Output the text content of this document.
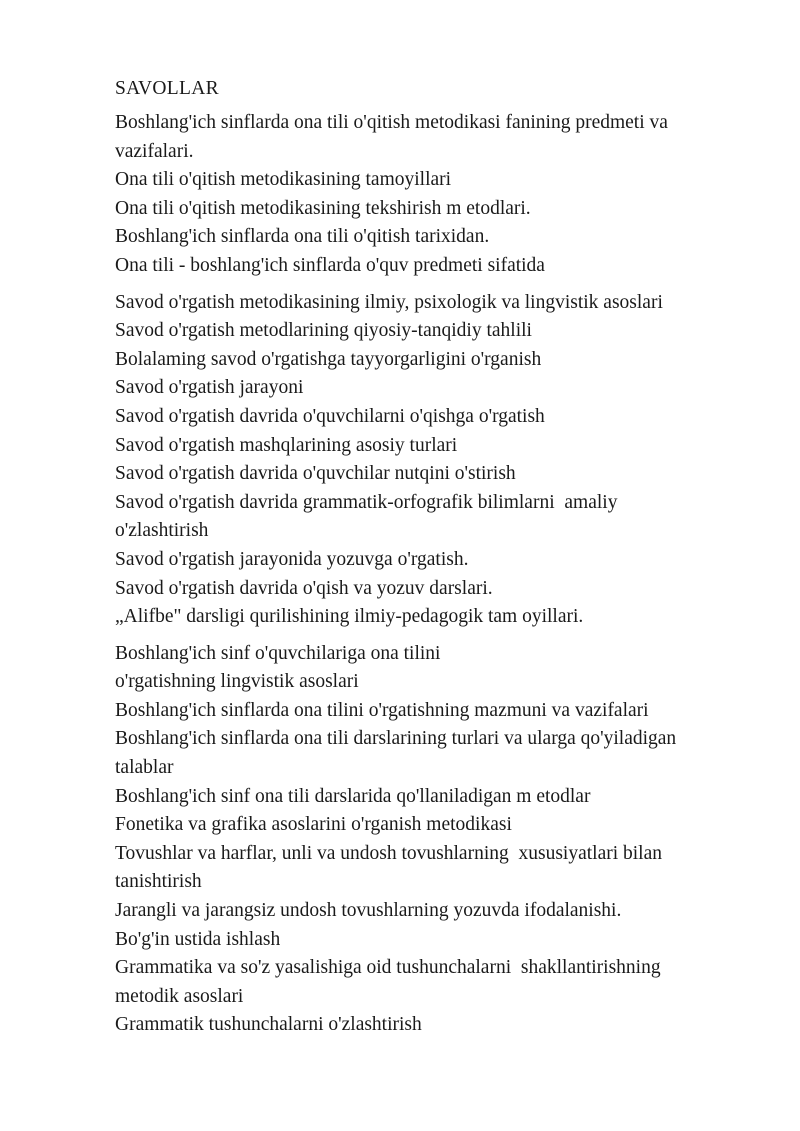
SAVOLLAR
Boshlang'ich sinflarda ona tili o'qitish metodikasi fanining predmeti va
vazifalari.
Ona tili o'qitish metodikasining tamoyillari
Ona tili o'qitish metodikasining tekshirish m etodlari.
Boshlang'ich sinflarda ona tili o'qitish tarixidan.
Ona tili - boshlang'ich sinflarda o'quv predmeti sifatida
Savod o'rgatish metodikasining ilmiy, psixologik va lingvistik asoslari
Savod o'rgatish metodlarining qiyosiy-tanqidiy tahlili
Bolalaming savod o'rgatishga tayyorgarligini o'rganish
Savod o'rgatish jarayoni
Savod o'rgatish davrida o'quvchilarni o'qishga o'rgatish
Savod o'rgatish mashqlarining asosiy turlari
Savod o'rgatish davrida o'quvchilar nutqini o'stirish
Savod o'rgatish davrida grammatik-orfografik bilimlarni  amaliy
o'zlashtirish
Savod o'rgatish jarayonida yozuvga o'rgatish.
Savod o'rgatish davrida o'qish va yozuv darslari.
„Alifbe" darsligi qurilishining ilmiy-pedagogik tam oyillari.
Boshlang'ich sinf o'quvchilariga ona tilini
o'rgatishning lingvistik asoslari
Boshlang'ich sinflarda ona tilini o'rgatishning mazmuni va vazifalari
Boshlang'ich sinflarda ona tili darslarining turlari va ularga qo'yiladigan
talablar
Boshlang'ich sinf ona tili darslarida qo'llaniladigan m etodlar
Fonetika va grafika asoslarini o'rganish metodikasi
Tovushlar va harflar, unli va undosh tovushlarning  xususiyatlari bilan
tanishtirish
Jarangli va jarangsiz undosh tovushlarning yozuvda ifodalanishi.
Bo'g'in ustida ishlash
Grammatika va so'z yasalishiga oid tushunchalarni  shakllantirishning
metodik asoslari
Grammatik tushunchalarni o'zlashtirish
